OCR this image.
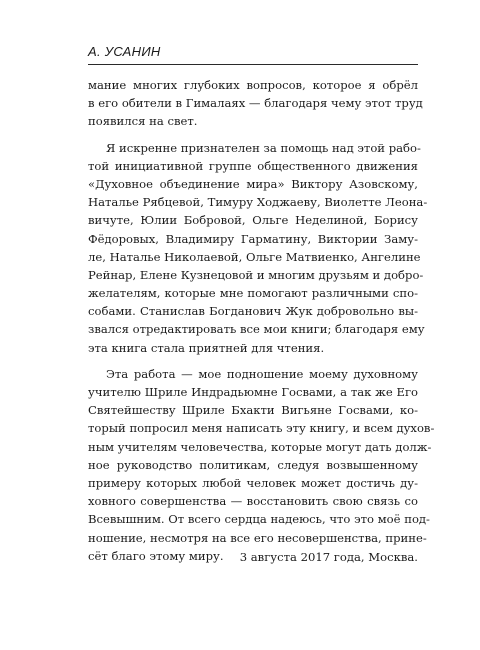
А. УСАНИН
мание многих глубоких вопросов, которое я обрёл
в его обители в Гималаях — благодаря чему этот труд
появился на свет.
Я искренне признателен за помощь над этой рабо-
той инициативной группе общественного движения
«Духовное объединение мира» Виктору Азовскому,
Наталье Рябцевой, Тимуру Ходжаеву, Виолетте Леона-
вичуте, Юлии Бобровой, Ольге Неделиной, Борису
Фёдоровых, Владимиру Гарматину, Виктории Заму-
ле, Наталье Николаевой, Ольге Матвиенко, Ангелине
Рейнар, Елене Кузнецовой и многим друзьям и добро-
желателям, которые мне помогают различными спо-
собами. Станислав Богданович Жук добровольно вы-
звался отредактировать все мои книги; благодаря ему
эта книга стала приятней для чтения.
Эта работа — мое подношение моему духовному
учителю Шриле Индрадьюмне Госвами, а так же Его
Святейшеству Шриле Бхакти Вигьяне Госвами, ко-
торый попросил меня написать эту книгу, и всем духов-
ным учителям человечества, которые могут дать долж-
ное руководство политикам, следуя возвышенному
примеру которых любой человек может достичь ду-
ховного совершенства — восстановить свою связь со
Всевышним. От всего сердца надеюсь, что это моё под-
ношение, несмотря на все его несовершенства, прине-
сёт благо этому миру.	3 августа 2017 года, Москва.
